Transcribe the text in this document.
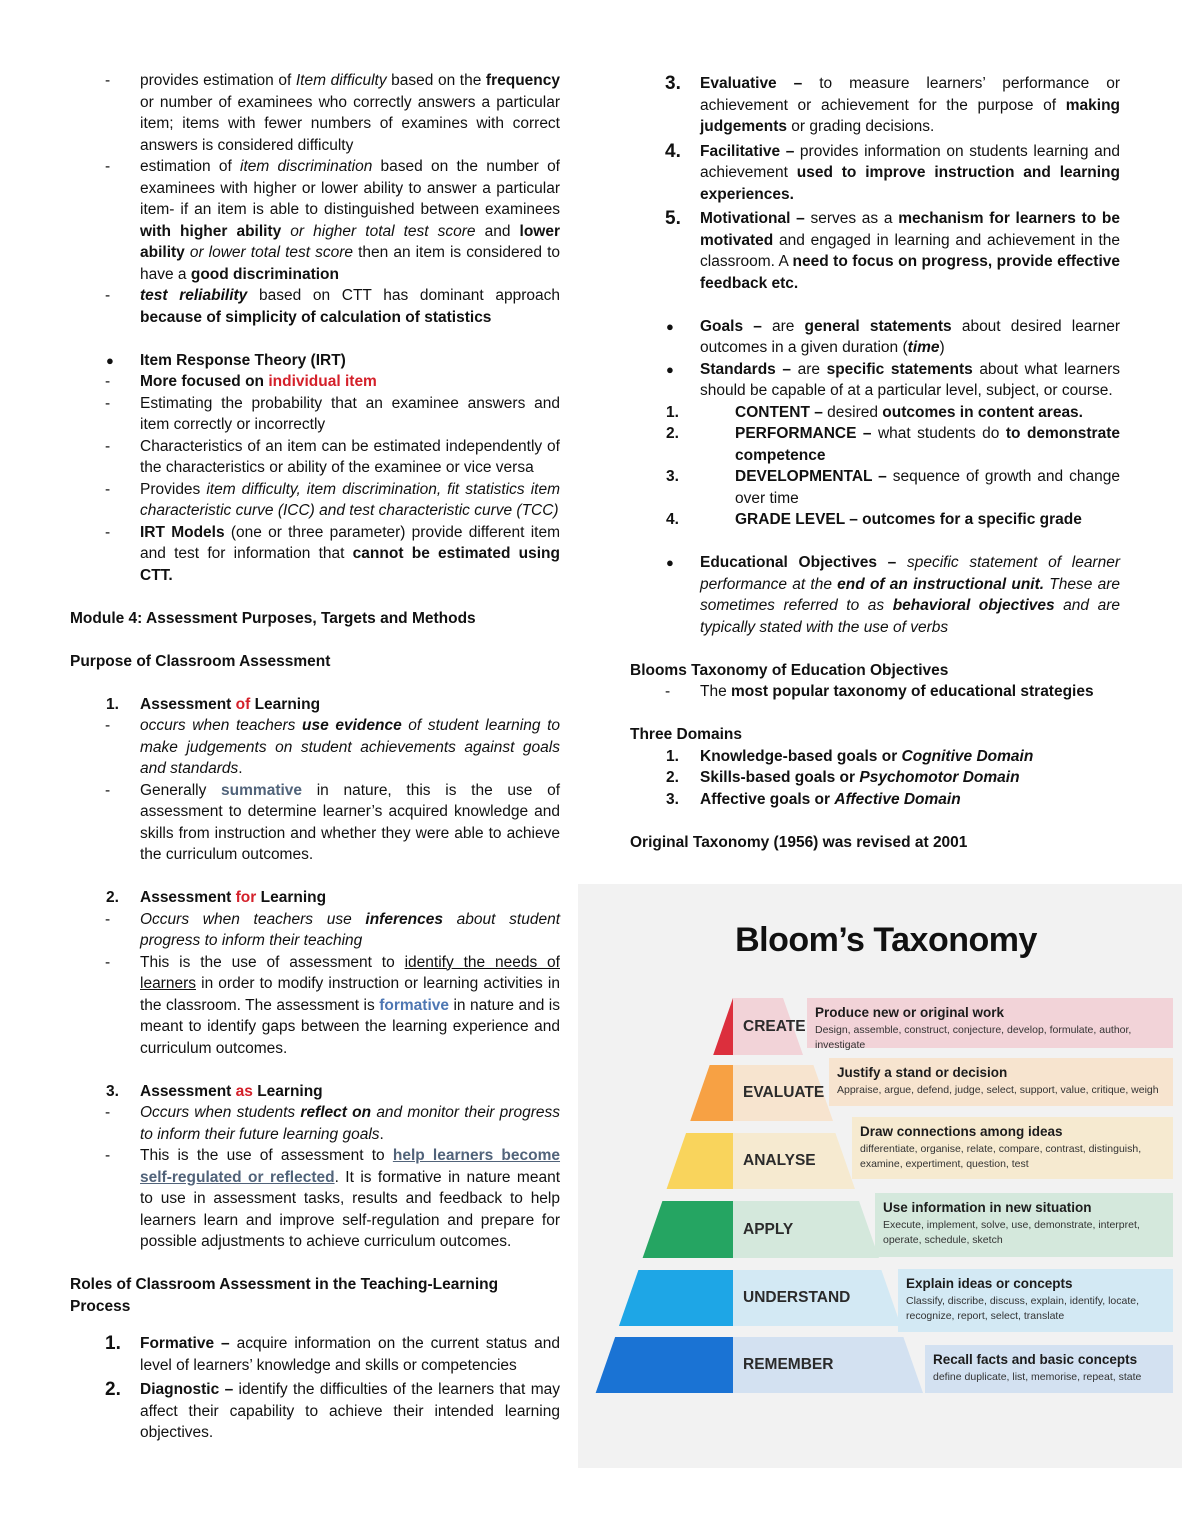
- provides estimation of Item difficulty based on the frequency or number of examinees who correctly answers a particular item; items with fewer numbers of examines with correct answers is considered difficulty
- estimation of item discrimination based on the number of examinees with higher or lower ability to answer a particular item- if an item is able to distinguished between examinees with higher ability or higher total test score and lower ability or lower total test score then an item is considered to have a good discrimination
- test reliability based on CTT has dominant approach because of simplicity of calculation of statistics
● Item Response Theory (IRT)
- More focused on individual item
- Estimating the probability that an examinee answers and item correctly or incorrectly
- Characteristics of an item can be estimated independently of the characteristics or ability of the examinee or vice versa
- Provides item difficulty, item discrimination, fit statistics item characteristic curve (ICC) and test characteristic curve (TCC)
- IRT Models (one or three parameter) provide different item and test for information that cannot be estimated using CTT.
Module 4: Assessment Purposes, Targets and Methods
Purpose of Classroom Assessment
1. Assessment of Learning
- occurs when teachers use evidence of student learning to make judgements on student achievements against goals and standards.
- Generally summative in nature, this is the use of assessment to determine learner’s acquired knowledge and skills from instruction and whether they were able to achieve the curriculum outcomes.
2. Assessment for Learning
- Occurs when teachers use inferences about student progress to inform their teaching
- This is the use of assessment to identify the needs of learners in order to modify instruction or learning activities in the classroom. The assessment is formative in nature and is meant to identify gaps between the learning experience and curriculum outcomes.
3. Assessment as Learning
- Occurs when students reflect on and monitor their progress to inform their future learning goals.
- This is the use of assessment to help learners become self-regulated or reflected. It is formative in nature meant to use in assessment tasks, results and feedback to help learners learn and improve self-regulation and prepare for possible adjustments to achieve curriculum outcomes.
Roles of Classroom Assessment in the Teaching-Learning Process
1. Formative – acquire information on the current status and level of learners’ knowledge and skills or competencies
2. Diagnostic – identify the difficulties of the learners that may affect their capability to achieve their intended learning objectives.
3. Evaluative – to measure learners’ performance or achievement or achievement for the purpose of making judgements or grading decisions.
4. Facilitative – provides information on students learning and achievement used to improve instruction and learning experiences.
5. Motivational – serves as a mechanism for learners to be motivated and engaged in learning and achievement in the classroom. A need to focus on progress, provide effective feedback etc.
● Goals – are general statements about desired learner outcomes in a given duration (time)
● Standards – are specific statements about what learners should be capable of at a particular level, subject, or course.
1.	CONTENT – desired outcomes in content areas.
2.	PERFORMANCE – what students do to demonstrate competence
3.	DEVELOPMENTAL – sequence of growth and change over time
4.	GRADE LEVEL – outcomes for a specific grade
● Educational Objectives – specific statement of learner performance at the end of an instructional unit. These are sometimes referred to as behavioral objectives and are typically stated with the use of verbs
Blooms Taxonomy of Education Objectives
- The most popular taxonomy of educational strategies
Three Domains
1. Knowledge-based goals or Cognitive Domain
2. Skills-based goals or Psychomotor Domain
3. Affective goals or Affective Domain
Original Taxonomy (1956) was revised at 2001
Bloom’s Taxonomy
CREATE
EVALUATE
ANALYSE
APPLY
UNDERSTAND
REMEMBER
Produce new or original work
Design, assemble, construct, conjecture, develop, formulate, author, investigate
Justify a stand or decision
Appraise, argue, defend, judge, select, support, value, critique, weigh
Draw connections among ideas
differentiate, organise, relate, compare, contrast, distinguish, examine, expertiment, question, test
Use information in new situation
Execute, implement, solve, use, demonstrate, interpret, operate, schedule, sketch
Explain ideas or concepts
Classify, discribe, discuss, explain, identify, locate, recognize, report, select, translate
Recall facts and basic concepts
define duplicate, list, memorise, repeat, state
